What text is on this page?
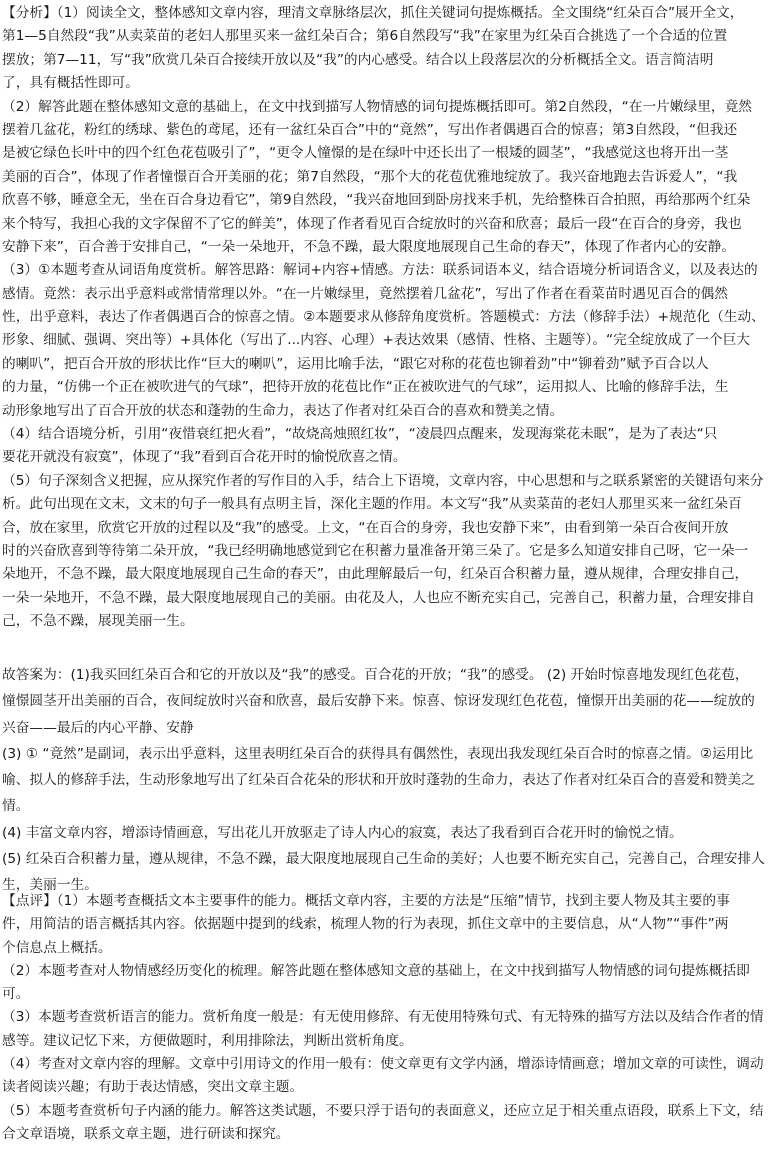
【分析】（1）阅读全文，整体感知文章内容，理清文章脉络层次，抓住关键词句提炼概括。全文围绕“红朵百合”展开全文，
第1—5自然段“我”从卖菜苗的老妇人那里买来一盆红朵百合；第6自然段写“我”在家里为红朵百合挑选了一个合适的位置
摆放；第7—11，写“我”欣赏几朵百合接续开放以及“我”的内心感受。结合以上段落层次的分析概括全文。语言简洁明
了，具有概括性即可。
（2）解答此题在整体感知文意的基础上，在文中找到描写人物情感的词句提炼概括即可。第2自然段，“在一片嫩绿里，竟然
摆着几盆花，粉红的绣球、紫色的鸢尾，还有一盆红朵百合”中的“竟然”，写出作者偶遇百合的惊喜；第3自然段，“但我还
是被它绿色长叶中的四个红色花苞吸引了”，“更令人憧憬的是在绿叶中还长出了一根矮的圆茎”，“我感觉这也将开出一茎
美丽的百合”，体现了作者憧憬百合开美丽的花；第7自然段，“那个大的花苞优雅地绽放了。我兴奋地跑去告诉爱人”，“我
欣喜不够，睡意全无，坐在百合身边看它”，第9自然段，“我兴奋地回到卧房找来手机，先给整株百合拍照，再给那两个红朵
来个特写，我担心我的文字保留不了它的鲜美”，体现了作者看见百合绽放时的兴奋和欣喜；最后一段“在百合的身旁，我也
安静下来”，百合善于安排自己，“一朵一朵地开，不急不躁，最大限度地展现自己生命的春天”，体现了作者内心的安静。
（3）①本题考查从词语角度赏析。解答思路：解词+内容+情感。方法：联系词语本义，结合语境分析词语含义，以及表达的
感情。竟然：表示出乎意料或常情常理以外。“在一片嫩绿里，竟然摆着几盆花”，写出了作者在看菜苗时遇见百合的偶然
性，出乎意料，表达了作者偶遇百合的惊喜之情。②本题要求从修辞角度赏析。答题模式：方法（修辞手法）+规范化（生动、
形象、细腻、强调、突出等）+具体化（写出了...内容、心理）+表达效果（感情、性格、主题等）。“完全绽放成了一个巨大
的喇叭”，把百合开放的形状比作“巨大的喇叭”，运用比喻手法，“跟它对称的花苞也铆着劲”中“铆着劲”赋予百合以人
的力量，“仿佛一个正在被吹进气的气球”，把待开放的花苞比作“正在被吹进气的气球”，运用拟人、比喻的修辞手法，生
动形象地写出了百合开放的状态和蓬勃的生命力，表达了作者对红朵百合的喜欢和赞美之情。
（4）结合语境分析，引用“夜惜衰红把火看”，“故烧高烛照红妆”，“凌晨四点醒来，发现海棠花未眠”，是为了表达“只
要花开就没有寂寞”，体现了“我”看到百合花开时的愉悦欣喜之情。
（5）句子深刻含义把握，应从探究作者的写作目的入手，结合上下语境，文章内容，中心思想和与之联系紧密的关键语句来分
析。此句出现在文末，文末的句子一般具有点明主旨，深化主题的作用。本文写“我”从卖菜苗的老妇人那里买来一盆红朵百
合，放在家里，欣赏它开放的过程以及“我”的感受。上文，“在百合的身旁，我也安静下来”，由看到第一朵百合夜间开放
时的兴奋欣喜到等待第二朵开放，“我已经明确地感觉到它在积蓄力量准备开第三朵了。它是多么知道安排自己呀，它一朵一
朵地开，不急不躁，最大限度地展现自己生命的春天”，由此理解最后一句，红朵百合积蓄力量，遵从规律，合理安排自己，
一朵一朵地开，不急不躁，最大限度地展现自己的美丽。由花及人，人也应不断充实自己，完善自己，积蓄力量，合理安排自
己，不急不躁，展现美丽一生。
故答案为：(1)我买回红朵百合和它的开放以及“我”的感受。百合花的开放；“我”的感受。 (2) 开始时惊喜地发现红色花苞，
憧憬圆茎开出美丽的百合，夜间绽放时兴奋和欣喜，最后安静下来。惊喜、惊讶发现红色花苞，憧憬开出美丽的花——绽放的
兴奋——最后的内心平静、安静
(3) ① “竟然”是副词，表示出乎意料，这里表明红朵百合的获得具有偶然性，表现出我发现红朵百合时的惊喜之情。②运用比
喻、拟人的修辞手法，生动形象地写出了红朵百合花朵的形状和开放时蓬勃的生命力，表达了作者对红朵百合的喜爱和赞美之
情。
(4) 丰富文章内容，增添诗情画意，写出花儿开放驱走了诗人内心的寂寞，表达了我看到百合花开时的愉悦之情。
(5) 红朵百合积蓄力量，遵从规律，不急不躁，最大限度地展现自己生命的美好；人也要不断充实自己，完善自己，合理安排人
生，美丽一生。
【点评】（1）本题考查概括文本主要事件的能力。概括文章内容，主要的方法是“压缩”情节，找到主要人物及其主要的事
件，用简洁的语言概括其内容。依据题中提到的线索，梳理人物的行为表现，抓住文章中的主要信息，从“人物”“事件”两
个信息点上概括。
（2）本题考查对人物情感经历变化的梳理。解答此题在整体感知文意的基础上，在文中找到描写人物情感的词句提炼概括即
可。
（3）本题考查赏析语言的能力。赏析角度一般是：有无使用修辞、有无使用特殊句式、有无特殊的描写方法以及结合作者的情
感等。建议记忆下来，方便做题时，利用排除法，判断出赏析角度。
（4）考查对文章内容的理解。文章中引用诗文的作用一般有：使文章更有文学内涵，增添诗情画意；增加文章的可读性，调动
读者阅读兴趣；有助于表达情感，突出文章主题。
（5）本题考查赏析句子内涵的能力。解答这类试题，不要只浮于语句的表面意义，还应立足于相关重点语段，联系上下文，结
合文章语境，联系文章主题，进行研读和探究。
